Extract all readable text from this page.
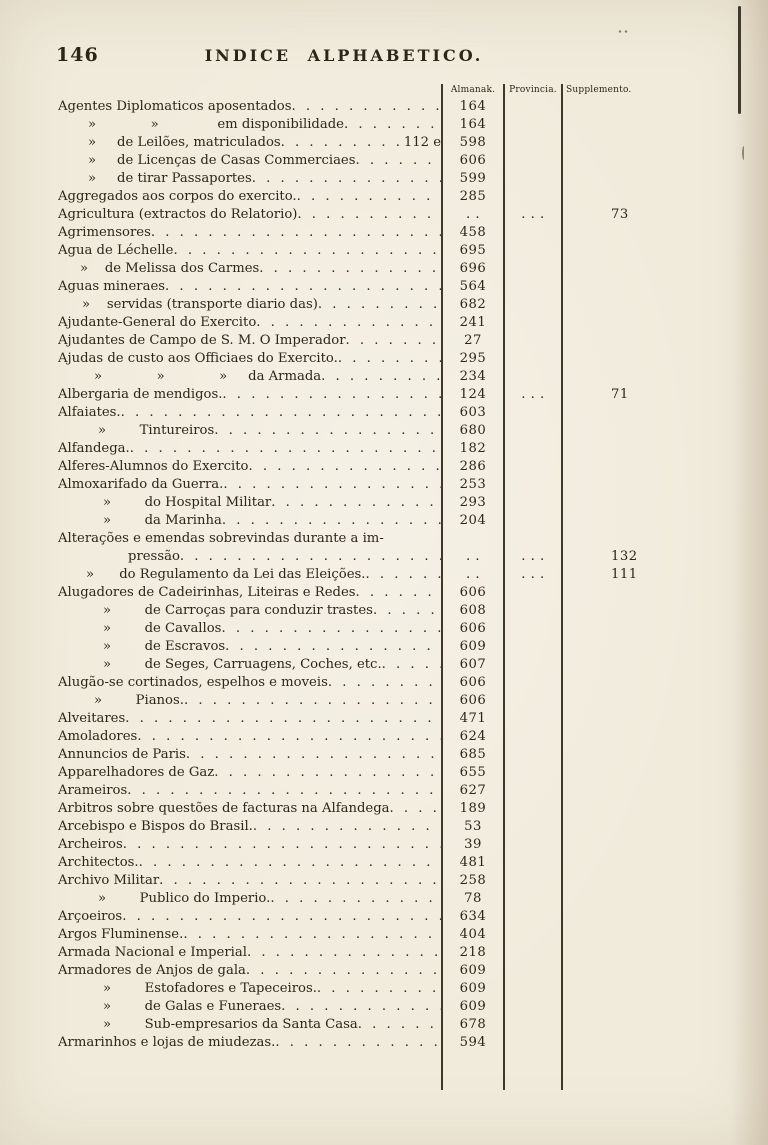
146	INDICE ALPHABETICO.
Almanak.	Provincia.	Supplemento.
Agentes Diplomaticos aposentados . . .	164
»             »              em disponibilidade . . .	164
»     de Leilões, matriculados . . .	112 e	598
»     de Licenças de Casas Commerciaes . . .	606
»     de tirar Passaportes . . .	599
Aggregados aos corpos do exercito. . . .	285
Agricultura (extractos do Relatorio) . . .	. .	. . .	73
Agrimensores . . .	458
Agua de Léchelle . . .	695
»    de Melissa dos Carmes . . .	696
Aguas mineraes . . .	564
»    servidas (transporte diario das) . . .	682
Ajudante-General do Exercito . . .	241
Ajudantes de Campo de S. M. O Imperador . . .	27
Ajudas de custo aos Officiaes do Exercito. . . .	295
»             »             »     da Armada . . .	234
Albergaria de mendigos. . . .	124	. . .	71
Alfaiates. . . .	603
»        Tintureiros . . .	680
Alfandega. . . .	182
Alferes-Alumnos do Exercito . . .	286
Almoxarifado da Guerra. . . .	253
»        do Hospital Militar . . .	293
»        da Marinha . . .	204
Alterações e emendas sobrevindas durante a im-
pressão . . .	. .	. . .	132
»      do Regulamento da Lei das Eleições. . . .	. .	. . .	111
Alugadores de Cadeirinhas, Liteiras e Redes . . .	606
»        de Carroças para conduzir trastes . . .	608
»        de Cavallos . . .	606
»        de Escravos . . .	609
»        de Seges, Carruagens, Coches, etc. . . .	607
Alugão-se cortinados, espelhos e moveis . . .	606
»        Pianos. . . .	606
Alveitares . . .	471
Amoladores . . .	624
Annuncios de Paris . . .	685
Apparelhadores de Gaz . . .	655
Arameiros . . .	627
Arbitros sobre questões de facturas na Alfandega . . .	189
Arcebispo e Bispos do Brasil. . . .	53
Archeiros . . .	39
Architectos. . . .	481
Archivo Militar . . .	258
»        Publico do Imperio. . . .	78
Arçoeiros . . .	634
Argos Fluminense. . . .	404
Armada Nacional e Imperial . . .	218
Armadores de Anjos de gala . . .	609
»        Estofadores e Tapeceiros. . . .	609
»        de Galas e Funeraes . . .	609
»        Sub-empresarios da Santa Casa . . .	678
Armarinhos e lojas de miudezas. . . .	594
